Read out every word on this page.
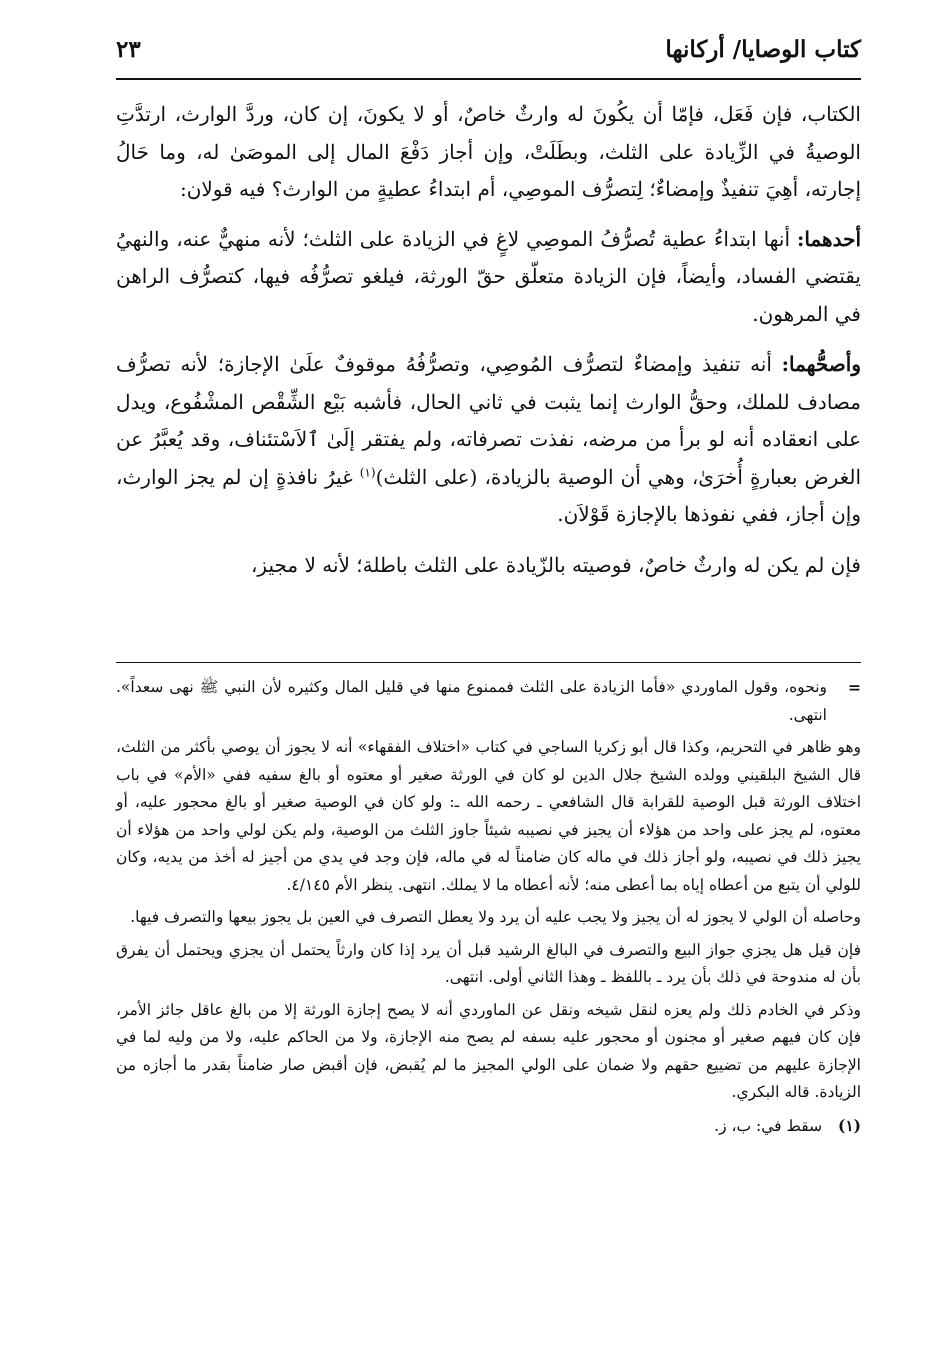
كتاب الوصايا/ أركانها
٢٣

الكتاب، فإن فَعَل، فإمّا أن يكُونَ له وارثٌ خاصٌ، أو لا يكونَ، إن كان، وردَّ الوارث، ارتدَّتِ الوصيةُ في الزِّيادة على الثلث، وبطَلَتْ، وإن أجاز دَفْعَ المال إلى الموصَىٰ له، وما حَالُ إجارته، أهِيَ تنفيذٌ وإمضاءٌ؛ لِتصرُّف الموصِي، أم ابتداءُ عطيةٍ من الوارث؟ فيه قولان:

أحدهما: أنها ابتداءُ عطية تُصرُّفُ الموصِي لاغٍ في الزيادة على الثلث؛ لأنه منهيٌّ عنه، والنهيُ يقتضي الفساد، وأيضاً، فإن الزيادة متعلّق حقّ الورثة، فيلغو تصرُّفُه فيها، كتصرُّف الراهن في المرهون.

وأصحُّهما: أنه تنفيذ وإمضاءٌ لتصرُّف المُوصِي، وتصرُّفُهُ موقوفٌ علَىٰ الإجازة؛ لأنه تصرُّف مصادف للملك، وحقُّ الوارث إنما يثبت في ثاني الحال، فأشبه بَيْع الشِّقْص المشْفُوع، ويدل على انعقاده أنه لو برأ من مرضه، نفذت تصرفاته، ولم يفتقر إلَىٰ ٱلاَسْتئناف، وقد يُعبَّرُ عن الغرض بعبارةٍ أُخرَىٰ، وهي أن الوصية بالزيادة، (على الثلث)$^{(١)}$ غيرُ نافذةٍ إن لم يجز الوارث، وإن أجاز، ففي نفوذها بالإجازة قَوْلاَن.

فإن لم يكن له وارثٌ خاصٌ، فوصيته بالزّيادة على الثلث باطلة؛ لأنه لا مجيز،

=
ونحوه، وقول الماوردي «فأما الزيادة على الثلث فممنوع منها في قليل المال وكثيره لأن النبي ﷺ نهى سعداً». انتهى.

وهو ظاهر في التحريم، وكذا قال أبو زكريا الساجي في كتاب «اختلاف الفقهاء» أنه لا يجوز أن يوصي بأكثر من الثلث، قال الشيخ البلقيني وولده الشيخ جلال الدين لو كان في الورثة صغير أو معتوه أو بالغ سفيه ففي «الأم» في باب اختلاف الورثة قبل الوصية للقرابة قال الشافعي ـ رحمه الله ـ: ولو كان في الوصية صغير أو بالغ محجور عليه، أو معتوه، لم يجز على واحد من هؤلاء أن يجيز في نصيبه شيئاً جاوز الثلث من الوصية، ولم يكن لولي واحد من هؤلاء أن يجيز ذلك في نصيبه، ولو أجاز ذلك في ماله كان ضامناً له في ماله، فإن وجد في يدي من أجيز له أخذ من يديه، وكان للولي أن يتبع من أعطاه إياه بما أعطى منه؛ لأنه أعطاه ما لا يملك. انتهى. ينظر الأم ٤/١٤٥.

وحاصله أن الولي لا يجوز له أن يجيز ولا يجب عليه أن يرد ولا يعطل التصرف في العين بل يجوز بيعها والتصرف فيها.

فإن قيل هل يجزي جواز البيع والتصرف في البالغ الرشيد قبل أن يرد إذا كان وارثاً يحتمل أن يجزي ويحتمل أن يفرق بأن له مندوحة في ذلك بأن يرد ـ باللفظ ـ وهذا الثاني أولى. انتهى.

وذكر في الخادم ذلك ولم يعزه لنقل شيخه ونقل عن الماوردي أنه لا يصح إجازة الورثة إلا من بالغ عاقل جائز الأمر، فإن كان فيهم صغير أو مجنون أو محجور عليه بسفه لم يصح منه الإجازة، ولا من الحاكم عليه، ولا من وليه لما في الإجازة عليهم من تضييع حقهم ولا ضمان على الولي المجيز ما لم يُقبض، فإن أقبض صار ضامناً بقدر ما أجازه من الزيادة. قاله البكري.

(١) سقط في: ب، ز.
